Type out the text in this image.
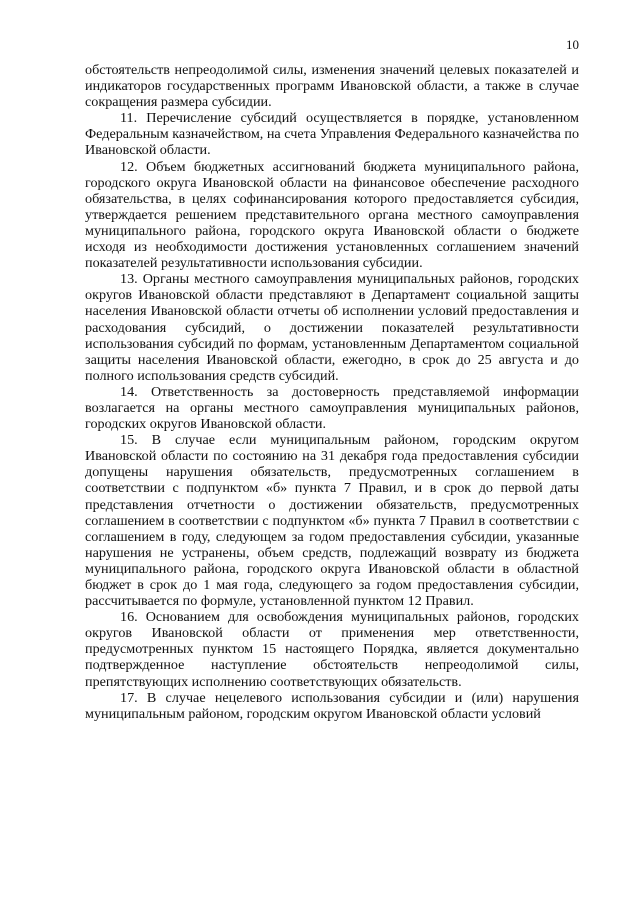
10

обстоятельств непреодолимой силы, изменения значений целевых показателей и индикаторов государственных программ Ивановской области, а также в случае сокращения размера субсидии.

11. Перечисление субсидий осуществляется в порядке, установленном Федеральным казначейством, на счета Управления Федерального казначейства по Ивановской области.

12. Объем бюджетных ассигнований бюджета муниципального района, городского округа Ивановской области на финансовое обеспечение расходного обязательства, в целях софинансирования которого предоставляется субсидия, утверждается решением представительного органа местного самоуправления муниципального района, городского округа Ивановской области о бюджете исходя из необходимости достижения установленных соглашением значений показателей результативности использования субсидии.

13. Органы местного самоуправления муниципальных районов, городских округов Ивановской области представляют в Департамент социальной защиты населения Ивановской области отчеты об исполнении условий предоставления и расходования субсидий, о достижении показателей результативности использования субсидий по формам, установленным Департаментом социальной защиты населения Ивановской области, ежегодно, в срок до 25 августа и до полного использования средств субсидий.

14. Ответственность за достоверность представляемой информации возлагается на органы местного самоуправления муниципальных районов, городских округов Ивановской области.

15. В случае если муниципальным районом, городским округом Ивановской области по состоянию на 31 декабря года предоставления субсидии допущены нарушения обязательств, предусмотренных соглашением в соответствии с подпунктом «б» пункта 7 Правил, и в срок до первой даты представления отчетности о достижении обязательств, предусмотренных соглашением в соответствии с подпунктом «б» пункта 7 Правил в соответствии с соглашением в году, следующем за годом предоставления субсидии, указанные нарушения не устранены, объем средств, подлежащий возврату из бюджета муниципального района, городского округа Ивановской области в областной бюджет в срок до 1 мая года, следующего за годом предоставления субсидии, рассчитывается по формуле, установленной пунктом 12 Правил.

16. Основанием для освобождения муниципальных районов, городских округов Ивановской области от применения мер ответственности, предусмотренных пунктом 15 настоящего Порядка, является документально подтвержденное наступление обстоятельств непреодолимой силы, препятствующих исполнению соответствующих обязательств.

17. В случае нецелевого использования субсидии и (или) нарушения муниципальным районом, городским округом Ивановской области условий
